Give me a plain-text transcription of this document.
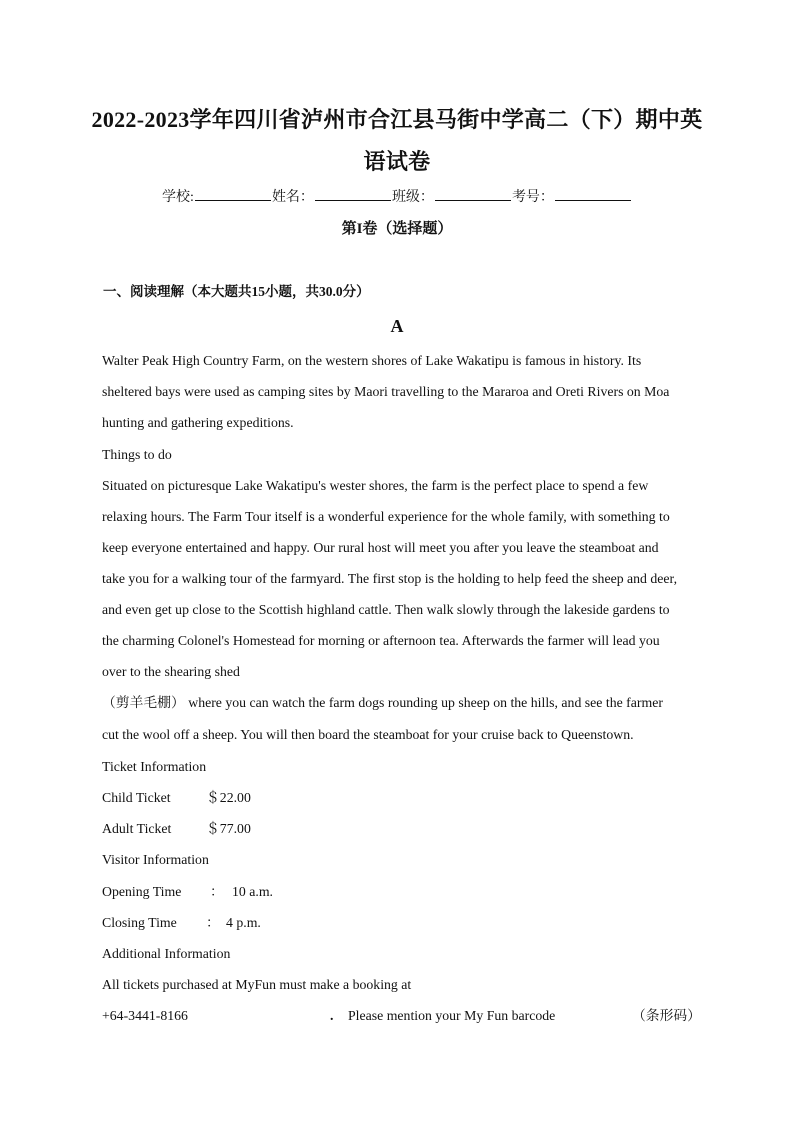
2022-2023学年四川省泸州市合江县马街中学高二（下）期中英
语试卷
学校:	姓名：	班级：	考号：
第I卷（选择题）
一、阅读理解（本大题共15小题，共30.0分）
A
Walter Peak High Country Farm, on the western shores of Lake Wakatipu is famous in history. Its
sheltered bays were used as camping sites by Maori travelling to the Mararoa and Oreti Rivers on Moa
hunting and gathering expeditions.
Things to do
Situated on picturesque Lake Wakatipu's wester shores, the farm is the perfect place to spend a few
relaxing hours. The Farm Tour itself is a wonderful experience for the whole family, with something to
keep everyone entertained and happy. Our rural host will meet you after you leave the steamboat and
take you for a walking tour of the farmyard. The first stop is the holding to help feed the sheep and deer,
and even get up close to the Scottish highland cattle. Then walk slowly through the lakeside gardens to
the charming Colonel's Homestead for morning or afternoon tea. Afterwards the farmer will lead you
over to the shearing shed
（剪羊毛棚） where you can watch the farm dogs rounding up sheep on the hills, and see the farmer
cut the wool off a sheep. You will then board the steamboat for your cruise back to Queenstown.
Ticket Information
Child Ticket	＄22.00
Adult Ticket	＄77.00
Visitor Information
Opening Time ： 10 a.m.
Closing Time ： 4 p.m.
Additional Information
All tickets purchased at MyFun must make a booking at
+64-3441-8166	. Please mention your My Fun barcode	（条形码）
